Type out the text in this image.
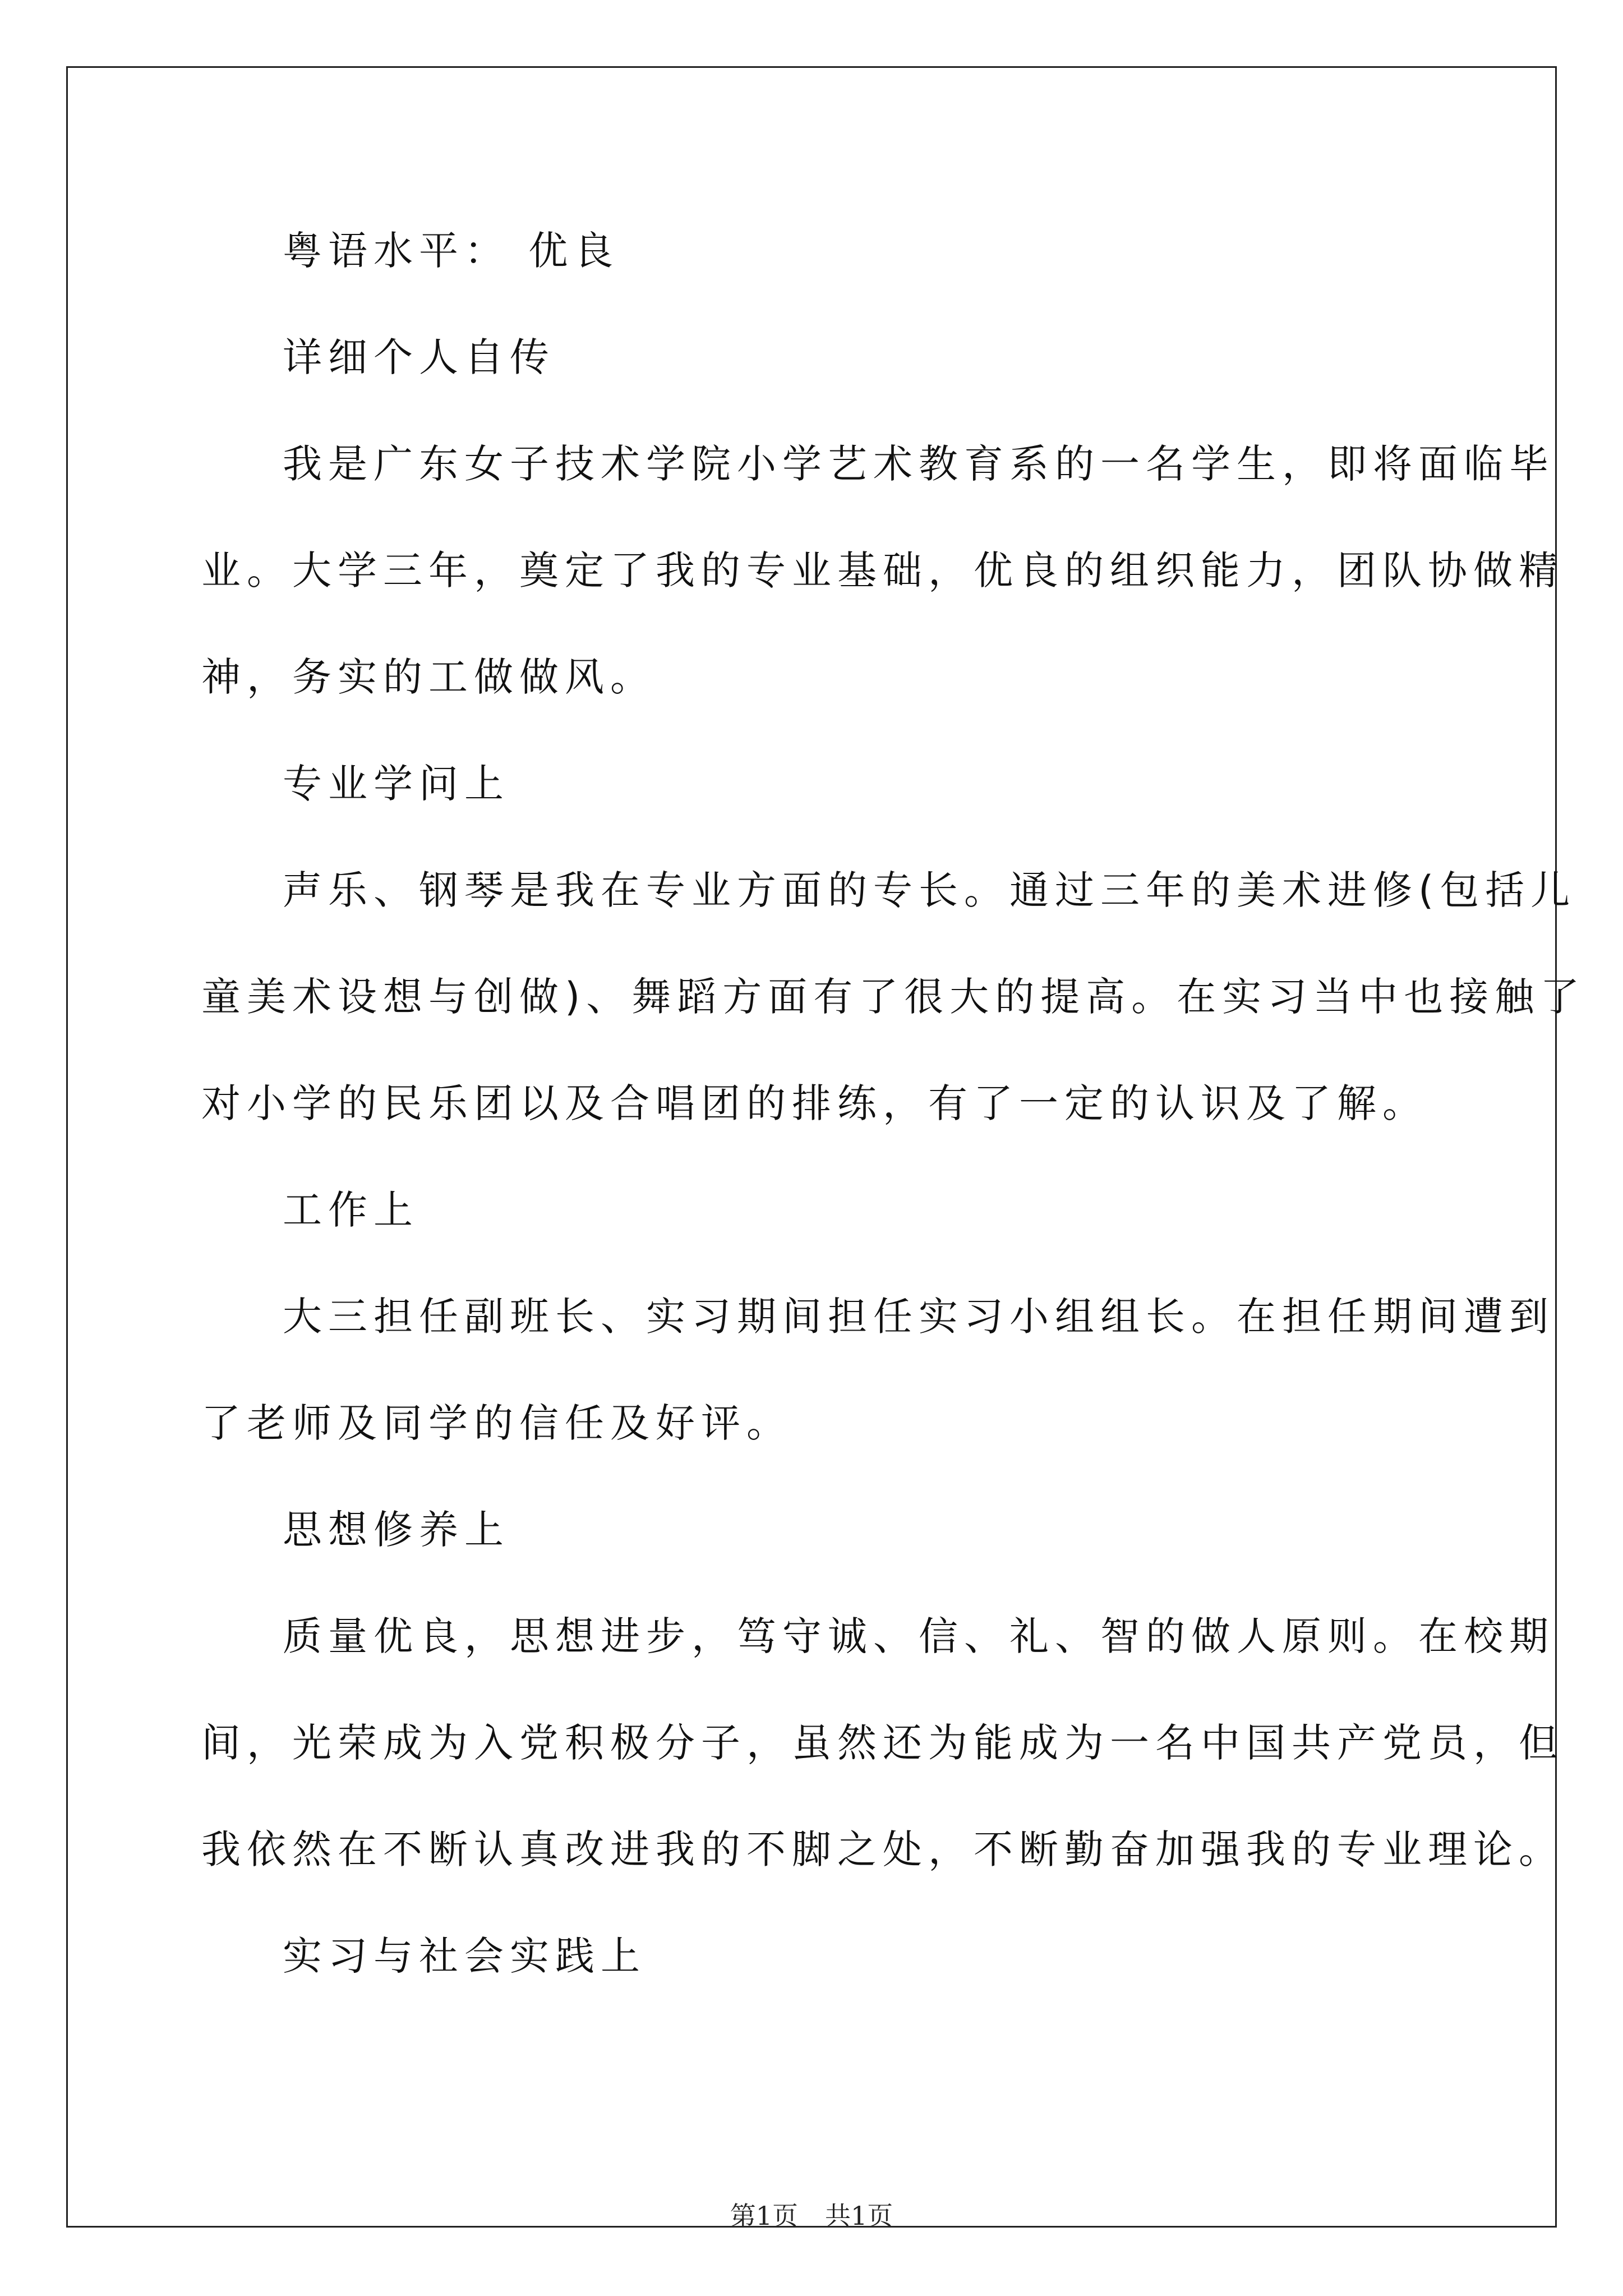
粤语水平： 优良

详细个人自传

我是广东女子技术学院小学艺术教育系的一名学生，即将面临毕

业。大学三年，奠定了我的专业基础，优良的组织能力，团队协做精

神，务实的工做做风。

专业学问上

声乐、钢琴是我在专业方面的专长。通过三年的美术进修(包括儿

童美术设想与创做)、舞蹈方面有了很大的提高。在实习当中也接触了

对小学的民乐团以及合唱团的排练，有了一定的认识及了解。

工作上

大三担任副班长、实习期间担任实习小组组长。在担任期间遭到

了老师及同学的信任及好评。

思想修养上

质量优良，思想进步，笃守诚、信、礼、智的做人原则。在校期

间，光荣成为入党积极分子，虽然还为能成为一名中国共产党员，但

我依然在不断认真改进我的不脚之处，不断勤奋加强我的专业理论。

实习与社会实践上

第1页 共1页
